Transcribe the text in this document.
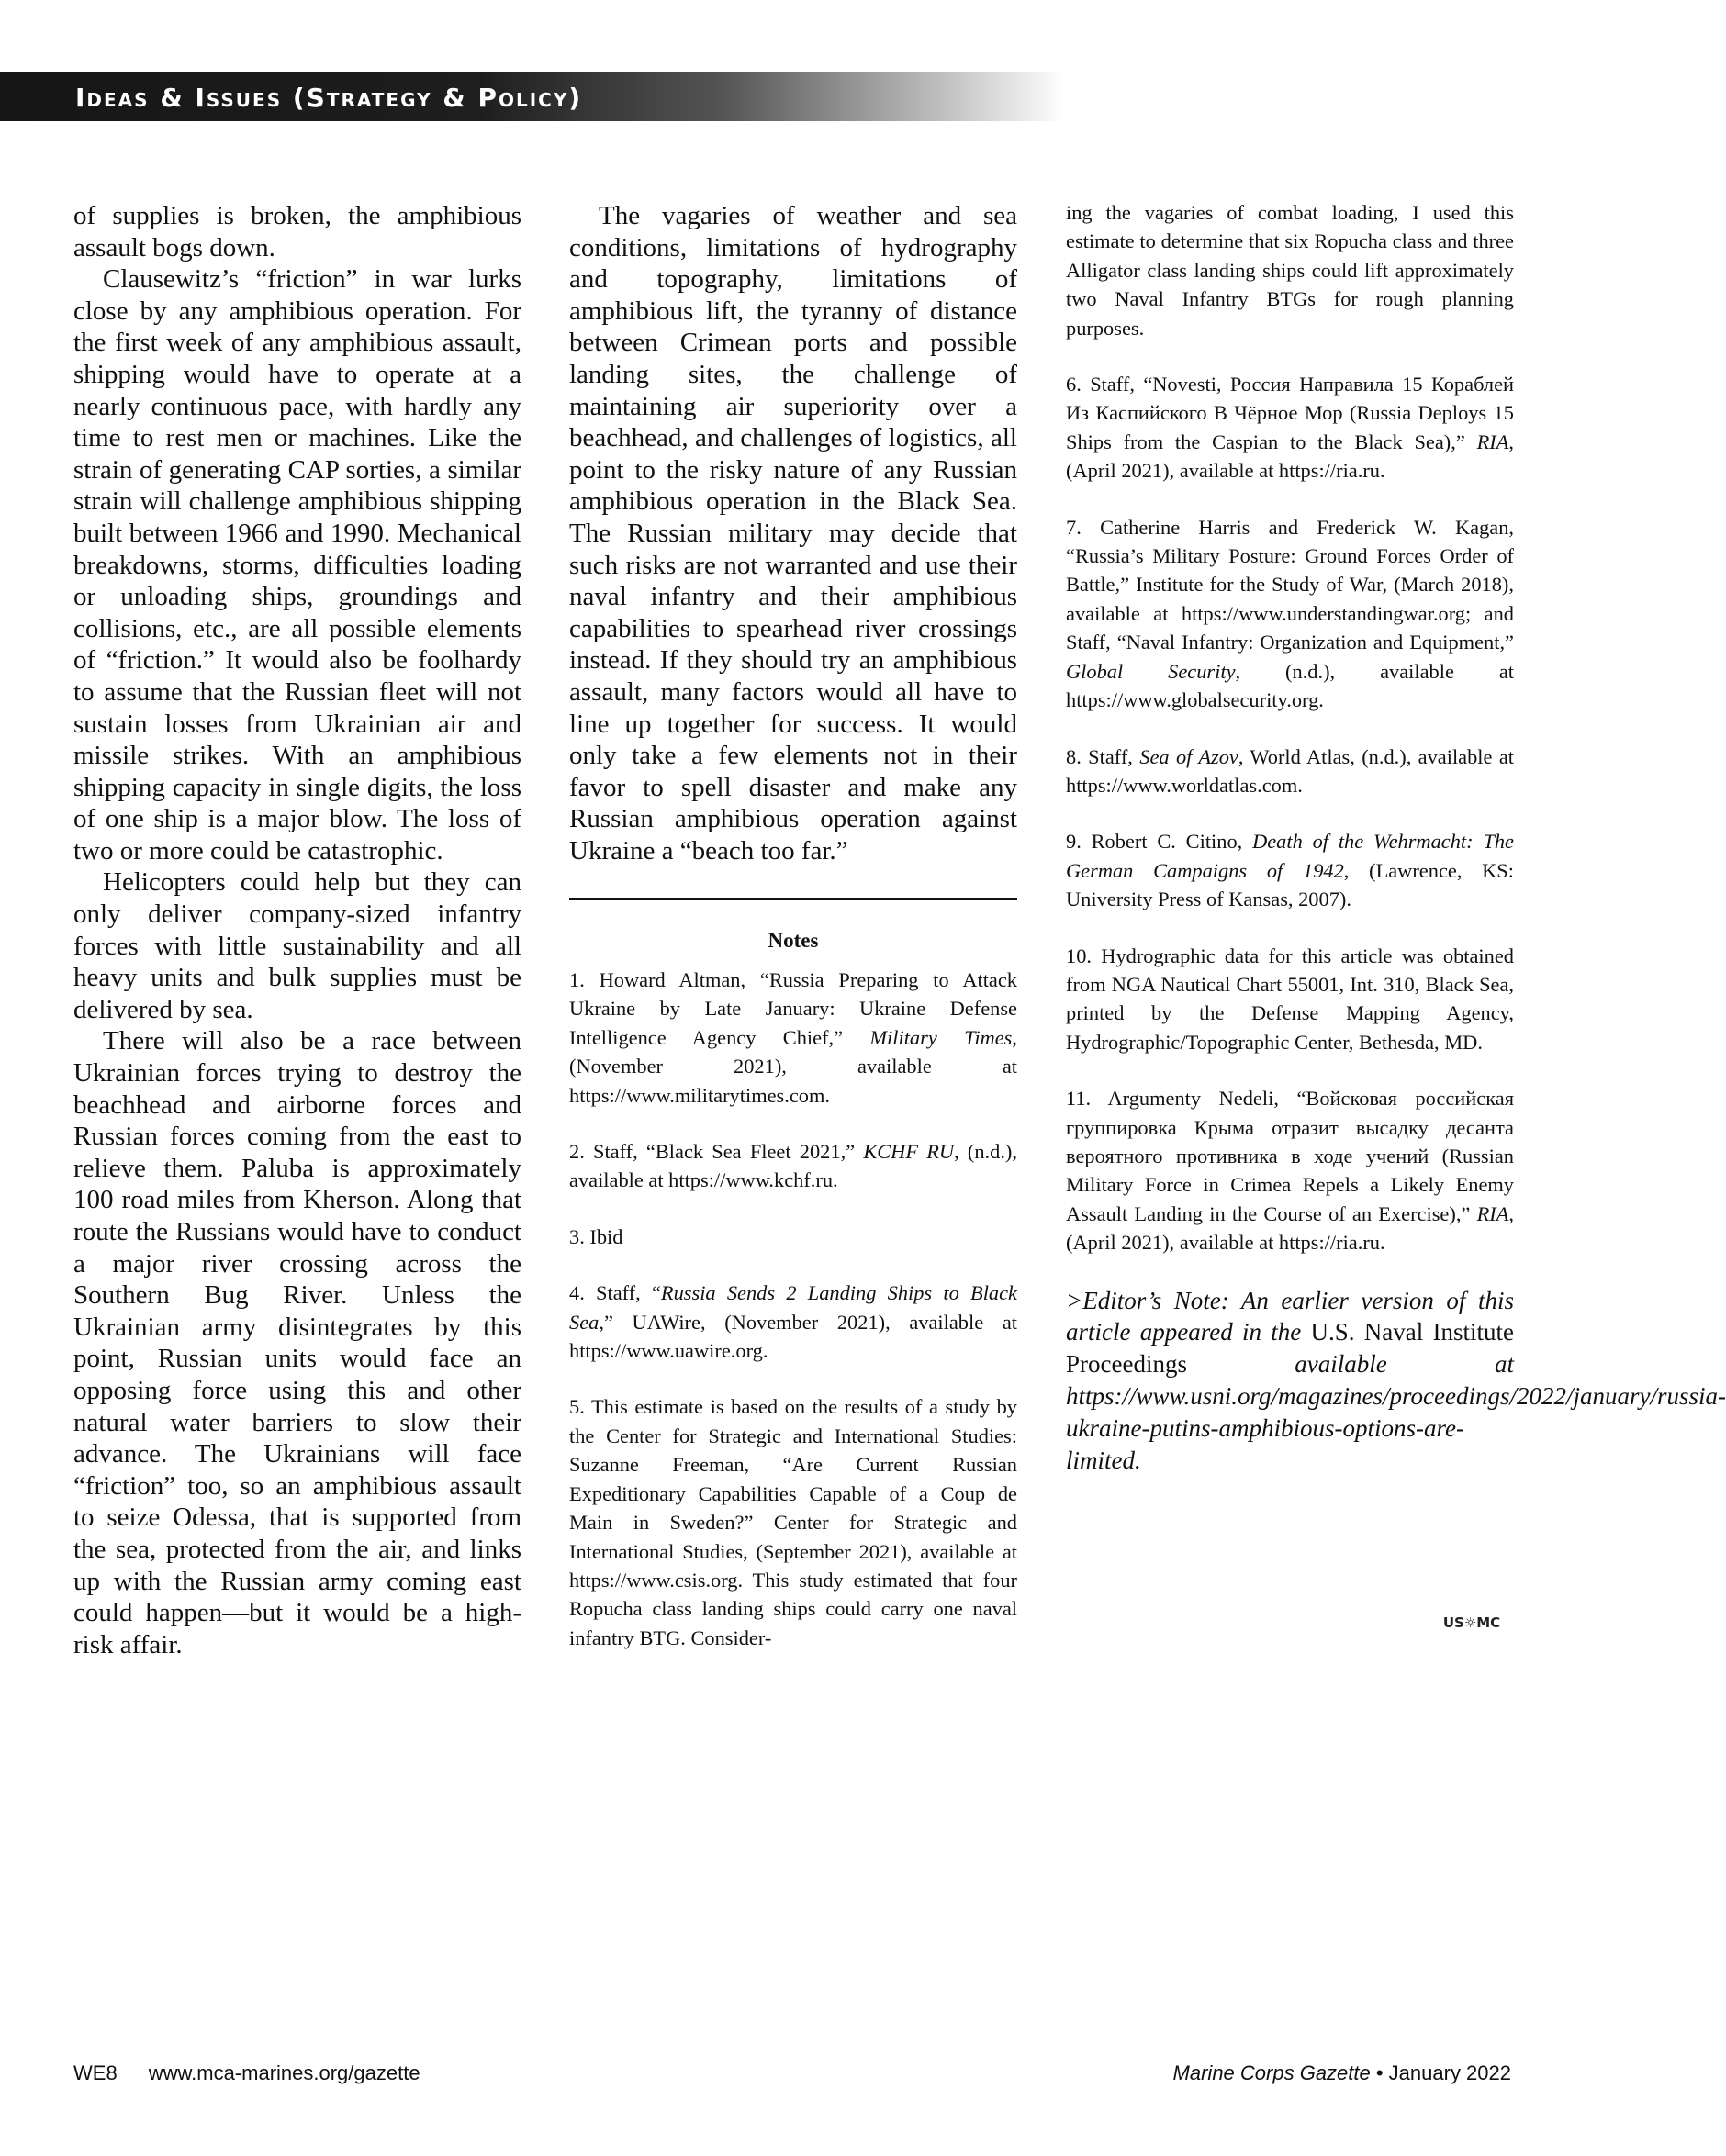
Ideas & Issues (Strategy & Policy)

of supplies is broken, the amphibious assault bogs down.

Clausewitz’s “friction” in war lurks close by any amphibious operation. For the first week of any amphibious assault, shipping would have to operate at a nearly continuous pace, with hardly any time to rest men or machines. Like the strain of generating CAP sorties, a similar strain will challenge amphibious shipping built between 1966 and 1990. Mechanical breakdowns, storms, difficulties loading or unloading ships, groundings and collisions, etc., are all possible elements of “friction.” It would also be foolhardy to assume that the Russian fleet will not sustain losses from Ukrainian air and missile strikes. With an amphibious shipping capacity in single digits, the loss of one ship is a major blow. The loss of two or more could be catastrophic.

Helicopters could help but they can only deliver company-sized infantry forces with little sustainability and all heavy units and bulk supplies must be delivered by sea.

There will also be a race between Ukrainian forces trying to destroy the beachhead and airborne forces and Russian forces coming from the east to relieve them. Paluba is approximately 100 road miles from Kherson. Along that route the Russians would have to conduct a major river crossing across the Southern Bug River. Unless the Ukrainian army disintegrates by this point, Russian units would face an opposing force using this and other natural water barriers to slow their advance. The Ukrainians will face “friction” too, so an amphibious assault to seize Odessa, that is supported from the sea, protected from the air, and links up with the Russian army coming east could happen—but it would be a high-risk affair.

The vagaries of weather and sea conditions, limitations of hydrography and topography, limitations of amphibious lift, the tyranny of distance between Crimean ports and possible landing sites, the challenge of maintaining air superiority over a beachhead, and challenges of logistics, all point to the risky nature of any Russian amphibious operation in the Black Sea. The Russian military may decide that such risks are not warranted and use their naval infantry and their amphibious capabilities to spearhead river crossings instead. If they should try an amphibious assault, many factors would all have to line up together for success. It would only take a few elements not in their favor to spell disaster and make any Russian amphibious operation against Ukraine a “beach too far.”

Notes

1. Howard Altman, “Russia Preparing to Attack Ukraine by Late January: Ukraine Defense Intelligence Agency Chief,” Military Times, (November 2021), available at https://www.militarytimes.com.

2. Staff, “Black Sea Fleet 2021,” KCHF RU, (n.d.), available at https://www.kchf.ru.

3. Ibid

4. Staff, “Russia Sends 2 Landing Ships to Black Sea,” UAWire, (November 2021), available at https://www.uawire.org.

5. This estimate is based on the results of a study by the Center for Strategic and International Studies: Suzanne Freeman, “Are Current Russian Expeditionary Capabilities Capable of a Coup de Main in Sweden?” Center for Strategic and International Studies, (September 2021), available at https://www.csis.org. This study estimated that four Ropucha class landing ships could carry one naval infantry BTG. Consider-

ing the vagaries of combat loading, I used this estimate to determine that six Ropucha class and three Alligator class landing ships could lift approximately two Naval Infantry BTGs for rough planning purposes.

6. Staff, “Novesti, Россия Направила 15 Кораблей Из Каспийского В Чёрное Мор (Russia Deploys 15 Ships from the Caspian to the Black Sea),” RIA, (April 2021), available at https://ria.ru.

7. Catherine Harris and Frederick W. Kagan, “Russia’s Military Posture: Ground Forces Order of Battle,” Institute for the Study of War, (March 2018), available at https://www.understandingwar.org; and Staff, “Naval Infantry: Organization and Equipment,” Global Security, (n.d.), available at https://www.globalsecurity.org.

8. Staff, Sea of Azov, World Atlas, (n.d.), available at https://www.worldatlas.com.

9. Robert C. Citino, Death of the Wehrmacht: The German Campaigns of 1942, (Lawrence, KS: University Press of Kansas, 2007).

10. Hydrographic data for this article was obtained from NGA Nautical Chart 55001, Int. 310, Black Sea, printed by the Defense Mapping Agency, Hydrographic/Topographic Center, Bethesda, MD.

11. Argumenty Nedeli, “Войсковая российская группировка Крыма отразит высадку десанта вероятного противника в ходе учений (Russian Military Force in Crimea Repels a Likely Enemy Assault Landing in the Course of an Exercise),” RIA, (April 2021), available at https://ria.ru.

>Editor’s Note: An earlier version of this article appeared in the U.S. Naval Institute Proceedings available at https://www.usni.org/magazines/proceedings/2022/january/russia-ukraine-putins-amphibious-options-are-limited.

US☼MC
WE8 www.mca-marines.org/gazette	Marine Corps Gazette • January 2022
